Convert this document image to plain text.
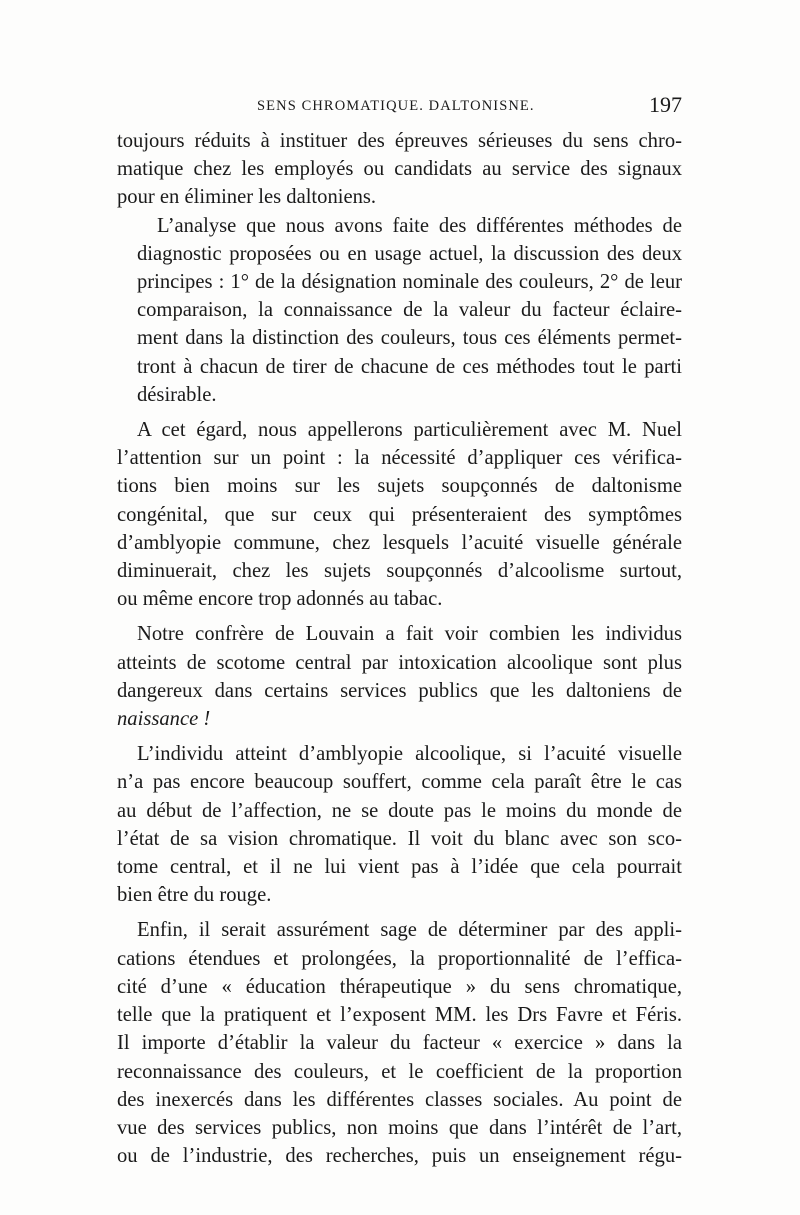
SENS CHROMATIQUE. DALTONISNE.	197
toujours réduits à instituer des épreuves sérieuses du sens chro-
matique chez les employés ou candidats au service des signaux
pour en éliminer les daltoniens.
L’analyse que nous avons faite des différentes méthodes de
diagnostic proposées ou en usage actuel, la discussion des deux
principes : 1° de la désignation nominale des couleurs, 2° de leur
comparaison, la connaissance de la valeur du facteur éclaire-
ment dans la distinction des couleurs, tous ces éléments permet-
tront à chacun de tirer de chacune de ces méthodes tout le parti
désirable.
A cet égard, nous appellerons particulièrement avec M. Nuel
l’attention sur un point : la nécessité d’appliquer ces vérifica-
tions bien moins sur les sujets soupçonnés de daltonisme
congénital, que sur ceux qui présenteraient des symptômes
d’amblyopie commune, chez lesquels l’acuité visuelle générale
diminuerait, chez les sujets soupçonnés d’alcoolisme surtout,
ou même encore trop adonnés au tabac.
Notre confrère de Louvain a fait voir combien les individus
atteints de scotome central par intoxication alcoolique sont plus
dangereux dans certains services publics que les daltoniens de
naissance !
L’individu atteint d’amblyopie alcoolique, si l’acuité visuelle
n’a pas encore beaucoup souffert, comme cela paraît être le cas
au début de l’affection, ne se doute pas le moins du monde de
l’état de sa vision chromatique. Il voit du blanc avec son sco-
tome central, et il ne lui vient pas à l’idée que cela pourrait
bien être du rouge.
Enfin, il serait assurément sage de déterminer par des appli-
cations étendues et prolongées, la proportionnalité de l’effica-
cité d’une « éducation thérapeutique » du sens chromatique,
telle que la pratiquent et l’exposent MM. les Drs Favre et Féris.
Il importe d’établir la valeur du facteur « exercice » dans la
reconnaissance des couleurs, et le coefficient de la proportion
des inexercés dans les différentes classes sociales. Au point de
vue des services publics, non moins que dans l’intérêt de l’art,
ou de l’industrie, des recherches, puis un enseignement régu-
